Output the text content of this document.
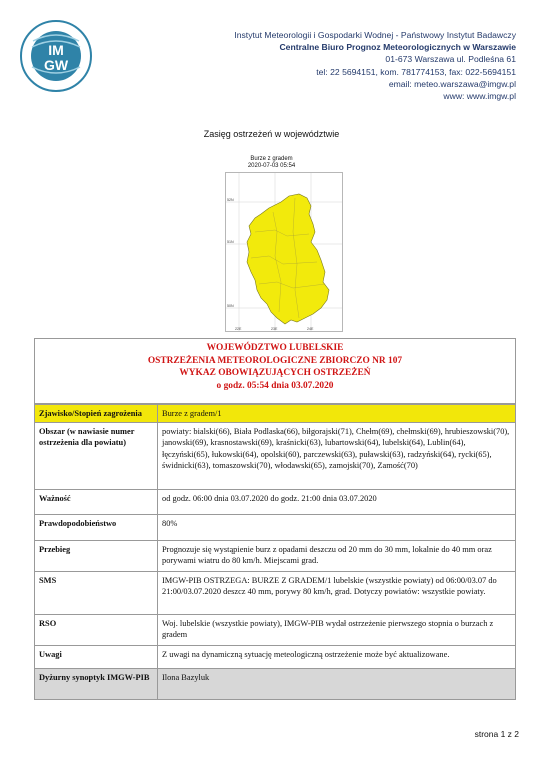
IM
GW
Instytut Meteorologii i Gospodarki Wodnej - Państwowy Instytut Badawczy
Centralne Biuro Prognoz Meteorologicznych w Warszawie
01-673 Warszawa ul. Podleśna 61
tel: 22 5694151, kom. 781774153, fax: 022-5694151
email: meteo.warszawa@imgw.pl
www: www.imgw.pl
Zasięg ostrzeżeń w województwie
Burze z gradem
2020-07-03 05:54
52N
51N
50N
22E	23E	24E
WOJEWÓDZTWO LUBELSKIE
OSTRZEŻENIA METEOROLOGICZNE ZBIORCZO NR 107
WYKAZ OBOWIĄZUJĄCYCH OSTRZEŻEŃ
o godz. 05:54 dnia 03.07.2020
Zjawisko/Stopień zagrożenia	Burze z gradem/1
Obszar (w nawiasie numer ostrzeżenia dla powiatu)	powiaty: bialski(66), Biała Podlaska(66), biłgorajski(71), Chełm(69), chełmski(69), hrubieszowski(70), janowski(69), krasnostawski(69), kraśnicki(63), lubartowski(64), lubelski(64), Lublin(64), łęczyński(65), łukowski(64), opolski(60), parczewski(63), puławski(63), radzyński(64), rycki(65), świdnicki(63), tomaszowski(70), włodawski(65), zamojski(70), Zamość(70)
Ważność	od godz. 06:00 dnia 03.07.2020 do godz. 21:00 dnia 03.07.2020
Prawdopodobieństwo	80%
Przebieg	Prognozuje się wystąpienie burz z opadami deszczu od 20 mm do 30 mm, lokalnie do 40 mm oraz porywami wiatru do 80 km/h. Miejscami grad.
SMS	IMGW-PIB OSTRZEGA: BURZE Z GRADEM/1 lubelskie (wszystkie powiaty) od 06:00/03.07 do 21:00/03.07.2020 deszcz 40 mm, porywy 80 km/h, grad. Dotyczy powiatów: wszystkie powiaty.
RSO	Woj. lubelskie (wszystkie powiaty), IMGW-PIB wydał ostrzeżenie pierwszego stopnia o burzach z gradem
Uwagi	Z uwagi na dynamiczną sytuację meteologiczną ostrzeżenie może być aktualizowane.
Dyżurny synoptyk IMGW-PIB	Ilona Bazyluk
strona 1 z 2
